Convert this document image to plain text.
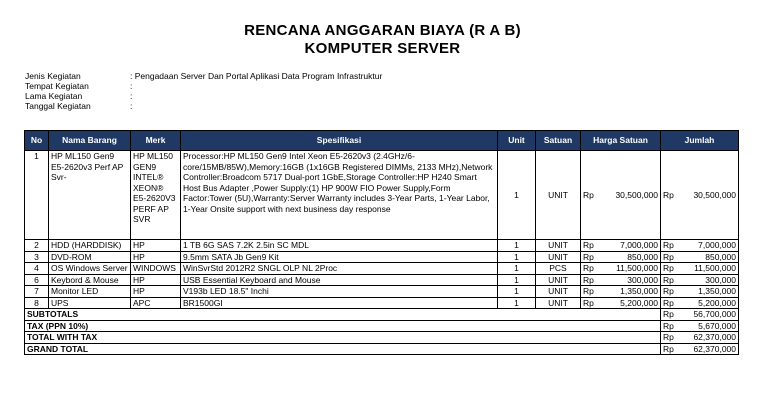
RENCANA ANGGARAN BIAYA (R A B)
KOMPUTER SERVER
Jenis Kegiatan	: Pengadaan Server Dan Portal Aplikasi Data Program Infrastruktur
Tempat Kegiatan	:
Lama Kegiatan	:
Tanggal Kegiatan	:
No	Nama Barang	Merk	Spesifikasi	Unit	Satuan	Harga Satuan	Jumlah
1	HP ML150 Gen9 E5-2620v3 Perf AP Svr-	HP ML150 GEN9 INTEL® XEON® E5-2620V3 PERF AP SVR	Processor:HP ML150 Gen9 Intel Xeon E5-2620v3 (2.4GHz/6-core/15MB/85W),Memory:16GB (1x16GB Registered DIMMs, 2133 MHz),Network Controller:Broadcom 5717 Dual-port 1GbE,Storage Controller:HP H240 Smart Host Bus Adapter ,Power Supply:(1) HP 900W FIO Power Supply,Form Factor:Tower (5U),Warranty:Server Warranty includes 3-Year Parts, 1-Year Labor, 1-Year Onsite support with next business day response	1	UNIT	Rp 30,500,000	Rp 30,500,000

2	HDD (HARDDISK)	HP	1 TB 6G SAS 7.2K 2.5in SC MDL	1	UNIT	Rp 7,000,000	Rp 7,000,000

3	DVD-ROM	HP	9.5mm SATA Jb Gen9 Kit	1	UNIT	Rp 850,000	Rp 850,000

4	OS Windows Server	WINDOWS	WinSvrStd 2012R2 SNGL OLP NL 2Proc	1	PCS	Rp 11,500,000	Rp 11,500,000

6	Keybord & Mouse	HP	USB Essential Keyboard and Mouse	1	UNIT	Rp 300,000	Rp 300,000

7	Monitor LED	HP	V193b LED 18.5" Inchi	1	UNIT	Rp 1,350,000	Rp 1,350,000

8	UPS	APC	BR1500GI	1	UNIT	Rp 5,200,000	Rp 5,200,000

SUBTOTALS							Rp 56,700,000

TAX (PPN 10%)							Rp 5,670,000

TOTAL WITH TAX							Rp 62,370,000

GRAND TOTAL							Rp 62,370,000
